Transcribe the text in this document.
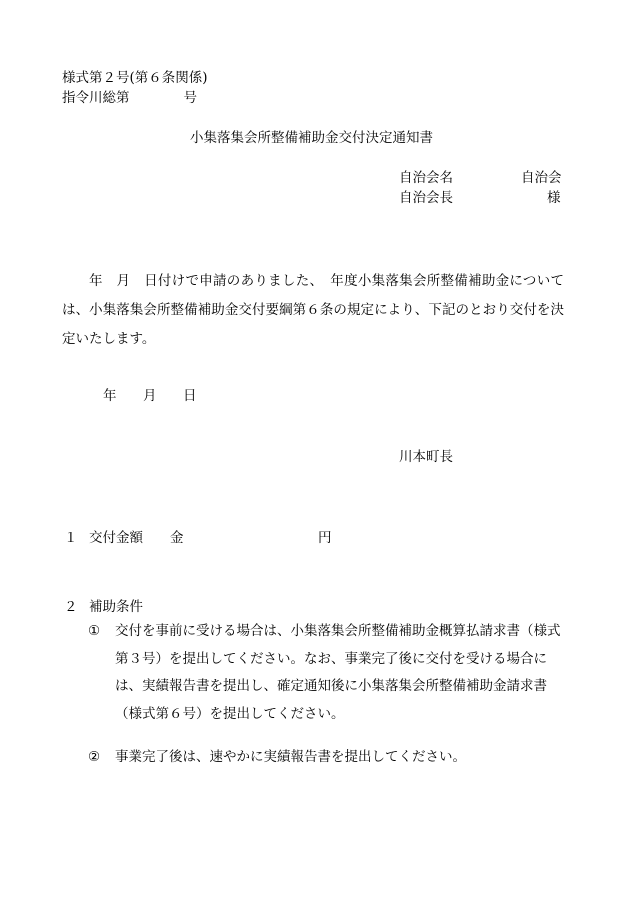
様式第２号(第６条関係)
指令川総第　　　　号
小集落集会所整備補助金交付決定通知書
自治会名	自治会
自治会長	様
年　月　日付けで申請のありました、　年度小集落集会所整備補助金については、小集落集会所整備補助金交付要綱第６条の規定により、下記のとおり交付を決定いたします。
年 月 日
川本町長
１ 交付金額 金	円
２ 補助条件
① 交付を事前に受ける場合は、小集落集会所整備補助金概算払請求書（様式第３号）を提出してください。なお、事業完了後に交付を受ける場合には、実績報告書を提出し、確定通知後に小集落集会所整備補助金請求書（様式第６号）を提出してください。
② 事業完了後は、速やかに実績報告書を提出してください。
